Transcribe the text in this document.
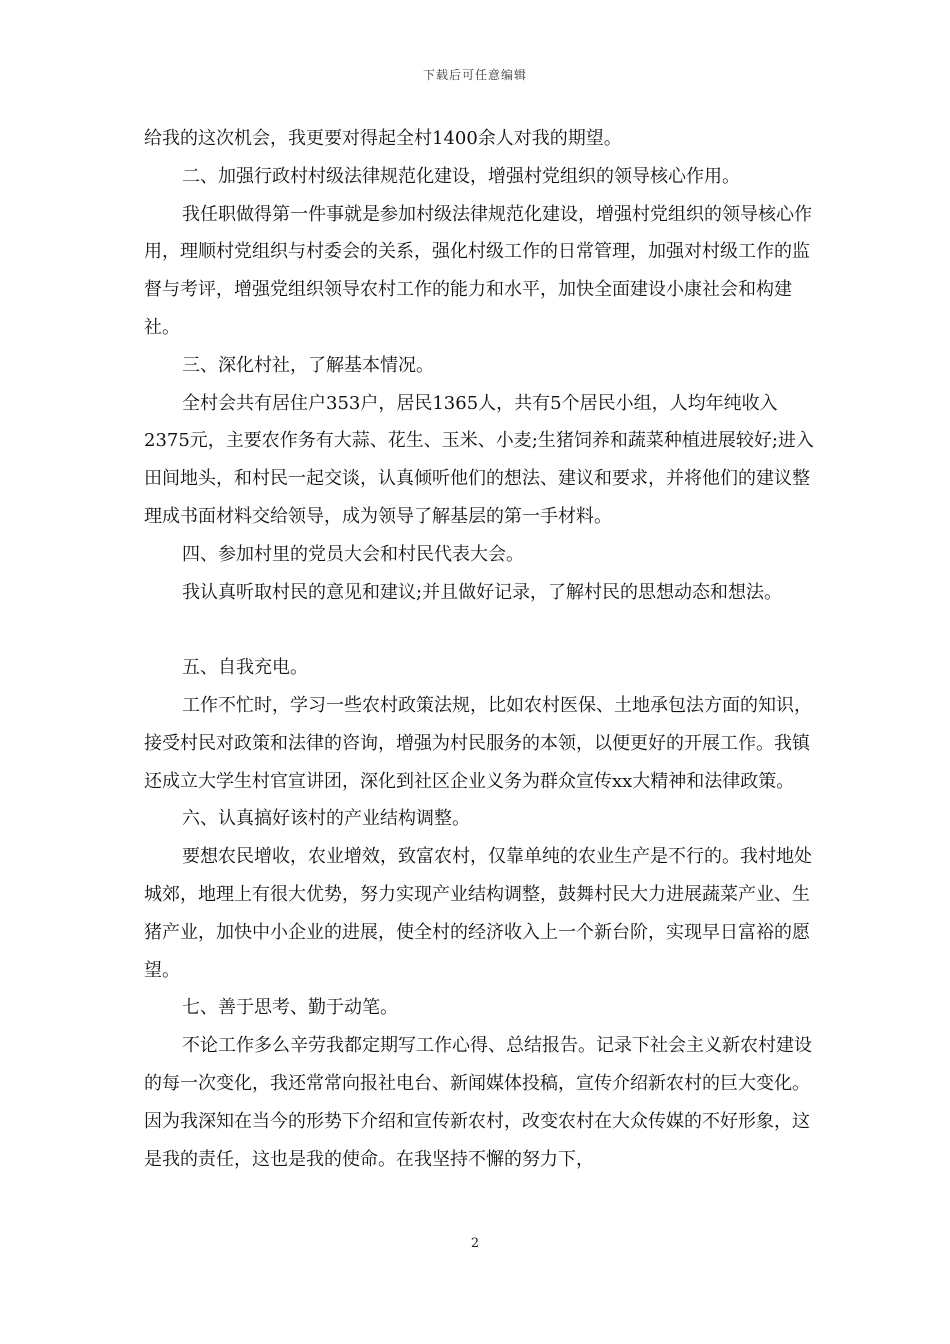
下载后可任意编辑

给我的这次机会，我更要对得起全村1400余人对我的期望。

二、加强行政村村级法律规范化建设，增强村党组织的领导核心作用。

我任职做得第一件事就是参加村级法律规范化建设，增强村党组织的领导核心作用，理顺村党组织与村委会的关系，强化村级工作的日常管理，加强对村级工作的监督与考评，增强党组织领导农村工作的能力和水平，加快全面建设小康社会和构建社。

三、深化村社，了解基本情况。

全村会共有居住户353户，居民1365人，共有5个居民小组，人均年纯收入2375元，主要农作务有大蒜、花生、玉米、小麦;生猪饲养和蔬菜种植进展较好;进入田间地头，和村民一起交谈，认真倾听他们的想法、建议和要求，并将他们的建议整理成书面材料交给领导，成为领导了解基层的第一手材料。

四、参加村里的党员大会和村民代表大会。

我认真听取村民的意见和建议;并且做好记录，了解村民的思想动态和想法。

五、自我充电。

工作不忙时，学习一些农村政策法规，比如农村医保、土地承包法方面的知识，接受村民对政策和法律的咨询，增强为村民服务的本领，以便更好的开展工作。我镇还成立大学生村官宣讲团，深化到社区企业义务为群众宣传xx大精神和法律政策。

六、认真搞好该村的产业结构调整。

要想农民增收，农业增效，致富农村，仅靠单纯的农业生产是不行的。我村地处城郊，地理上有很大优势，努力实现产业结构调整，鼓舞村民大力进展蔬菜产业、生猪产业，加快中小企业的进展，使全村的经济收入上一个新台阶，实现早日富裕的愿望。

七、善于思考、勤于动笔。

不论工作多么辛劳我都定期写工作心得、总结报告。记录下社会主义新农村建设的每一次变化，我还常常向报社电台、新闻媒体投稿，宣传介绍新农村的巨大变化。因为我深知在当今的形势下介绍和宣传新农村，改变农村在大众传媒的不好形象，这是我的责任，这也是我的使命。在我坚持不懈的努力下，

2
